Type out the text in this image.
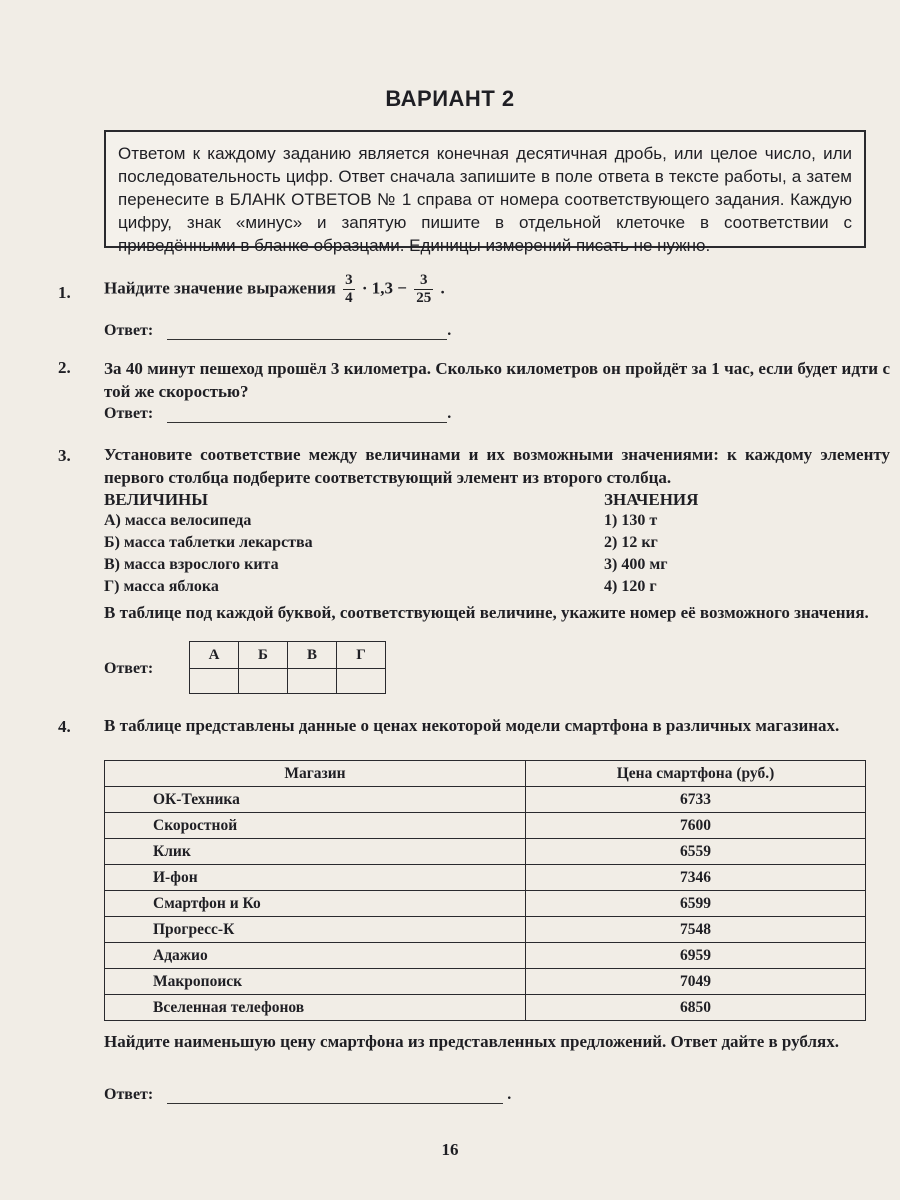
ВАРИАНТ 2
Ответом к каждому заданию является конечная десятичная дробь, или целое число, или последовательность цифр. Ответ сначала запишите в поле ответа в тексте работы, а затем перенесите в БЛАНК ОТВЕТОВ № 1 справа от номера соответствующего задания. Каждую цифру, знак «минус» и запятую пишите в отдельной клеточке в соответствии с приведёнными в бланке образцами. Единицы измерений писать не нужно.
1. Найдите значение выражения $\frac{3}{4} \cdot 1,3 - \frac{3}{25}$ .
Ответ:	.
2. За 40 минут пешеход прошёл 3 километра. Сколько километров он пройдёт за 1 час, если будет идти с той же скоростью?
Ответ:	.
3. Установите соответствие между величинами и их возможными значениями: к каждому элементу первого столбца подберите соответствующий элемент из второго столбца.
ВЕЛИЧИНЫ	ЗНАЧЕНИЯ
А) масса велосипеда
Б) масса таблетки лекарства
В) масса взрослого кита
Г) масса яблока
1) 130 т
2) 12 кг
3) 400 мг
4) 120 г
В таблице под каждой буквой, соответствующей величине, укажите номер её возможного значения.
Ответ:
А	Б	В	Г

4. В таблице представлены данные о ценах некоторой модели смартфона в различных магазинах.
Магазин	Цена смартфона (руб.)
ОК-Техника	6733
Скоростной	7600
Клик	6559
И-фон	7346
Смартфон и Ко	6599
Прогресс-К	7548
Адажио	6959
Макропоиск	7049
Вселенная телефонов	6850
Найдите наименьшую цену смартфона из представленных предложений. Ответ дайте в рублях.
Ответ:	.
16
